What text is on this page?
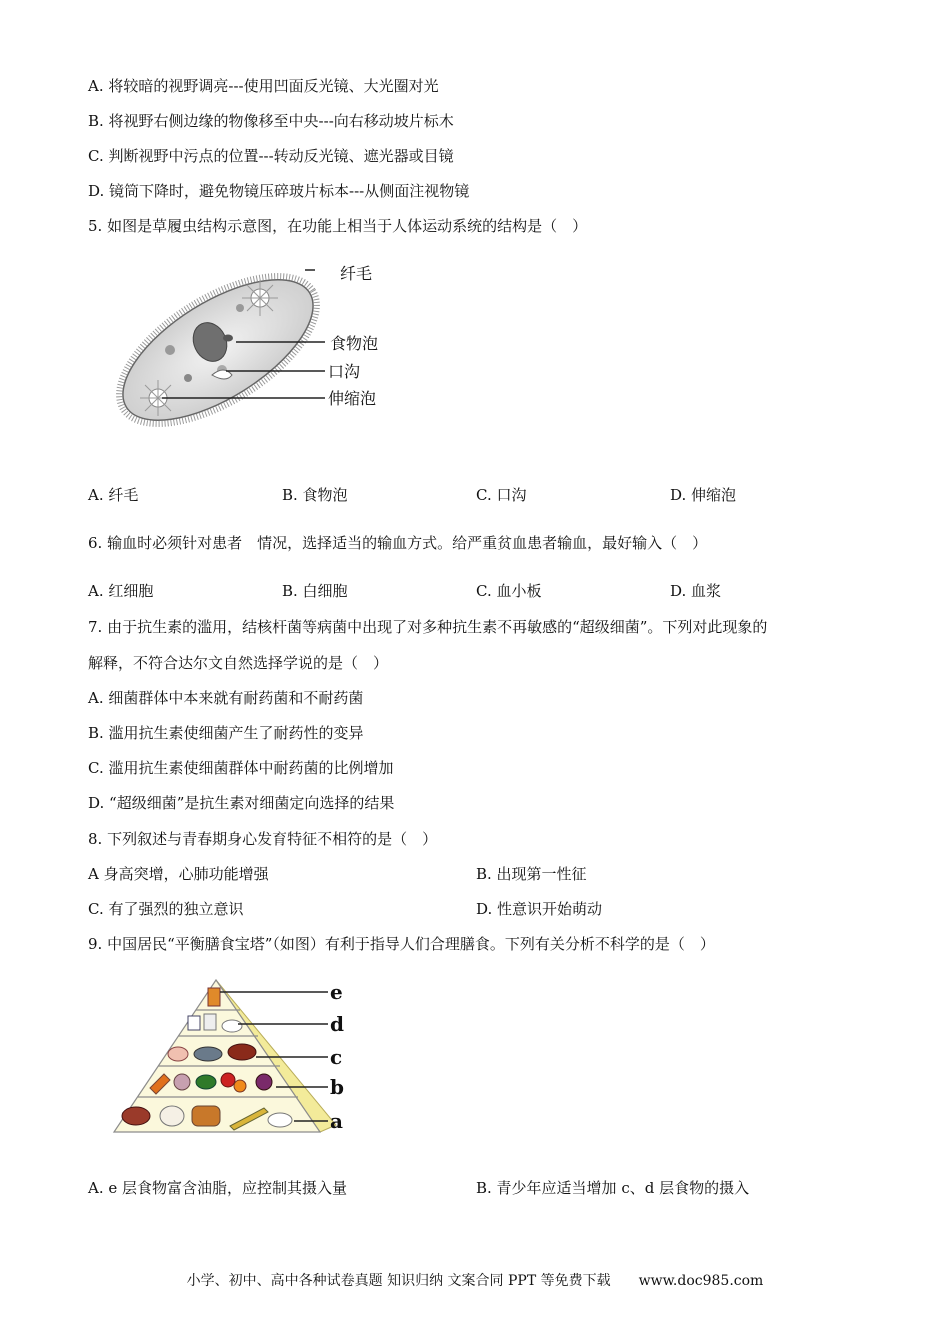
A. 将较暗的视野调亮---使用凹面反光镜、大光圈对光
B. 将视野右侧边缘的物像移至中央---向右移动坡片标木
C. 判断视野中污点的位置---转动反光镜、遮光器或目镜
D. 镜筒下降时，避免物镜压碎玻片标本---从侧面注视物镜
5. 如图是草履虫结构示意图，在功能上相当于人体运动系统的结构是（　）
纤毛
食物泡
口沟
伸缩泡
A. 纤毛	B. 食物泡	C. 口沟	D. 伸缩泡
6. 输血时必须针对患者　情况，选择适当的输血方式。给严重贫血患者输血，最好输入（　）
A. 红细胞	B. 白细胞	C. 血小板	D. 血浆
7. 由于抗生素的滥用，结核杆菌等病菌中出现了对多种抗生素不再敏感的“超级细菌”。下列对此现象的
解释，不符合达尔文自然选择学说的是（　）
A. 细菌群体中本来就有耐药菌和不耐药菌
B. 滥用抗生素使细菌产生了耐药性的变异
C. 滥用抗生素使细菌群体中耐药菌的比例增加
D. “超级细菌”是抗生素对细菌定向选择的结果
8. 下列叙述与青春期身心发育特征不相符的是（　）
A 身高突增，心肺功能增强	B. 出现第一性征
C. 有了强烈的独立意识	D. 性意识开始萌动
9. 中国居民“平衡膳食宝塔”（如图）有利于指导人们合理膳食。下列有关分析不科学的是（　）
e
d
c
b
a
A. e 层食物富含油脂，应控制其摄入量	B. 青少年应适当增加 c、d 层食物的摄入
小学、初中、高中各种试卷真题 知识归纳 文案合同 PPT 等免费下载　　www.doc985.com
